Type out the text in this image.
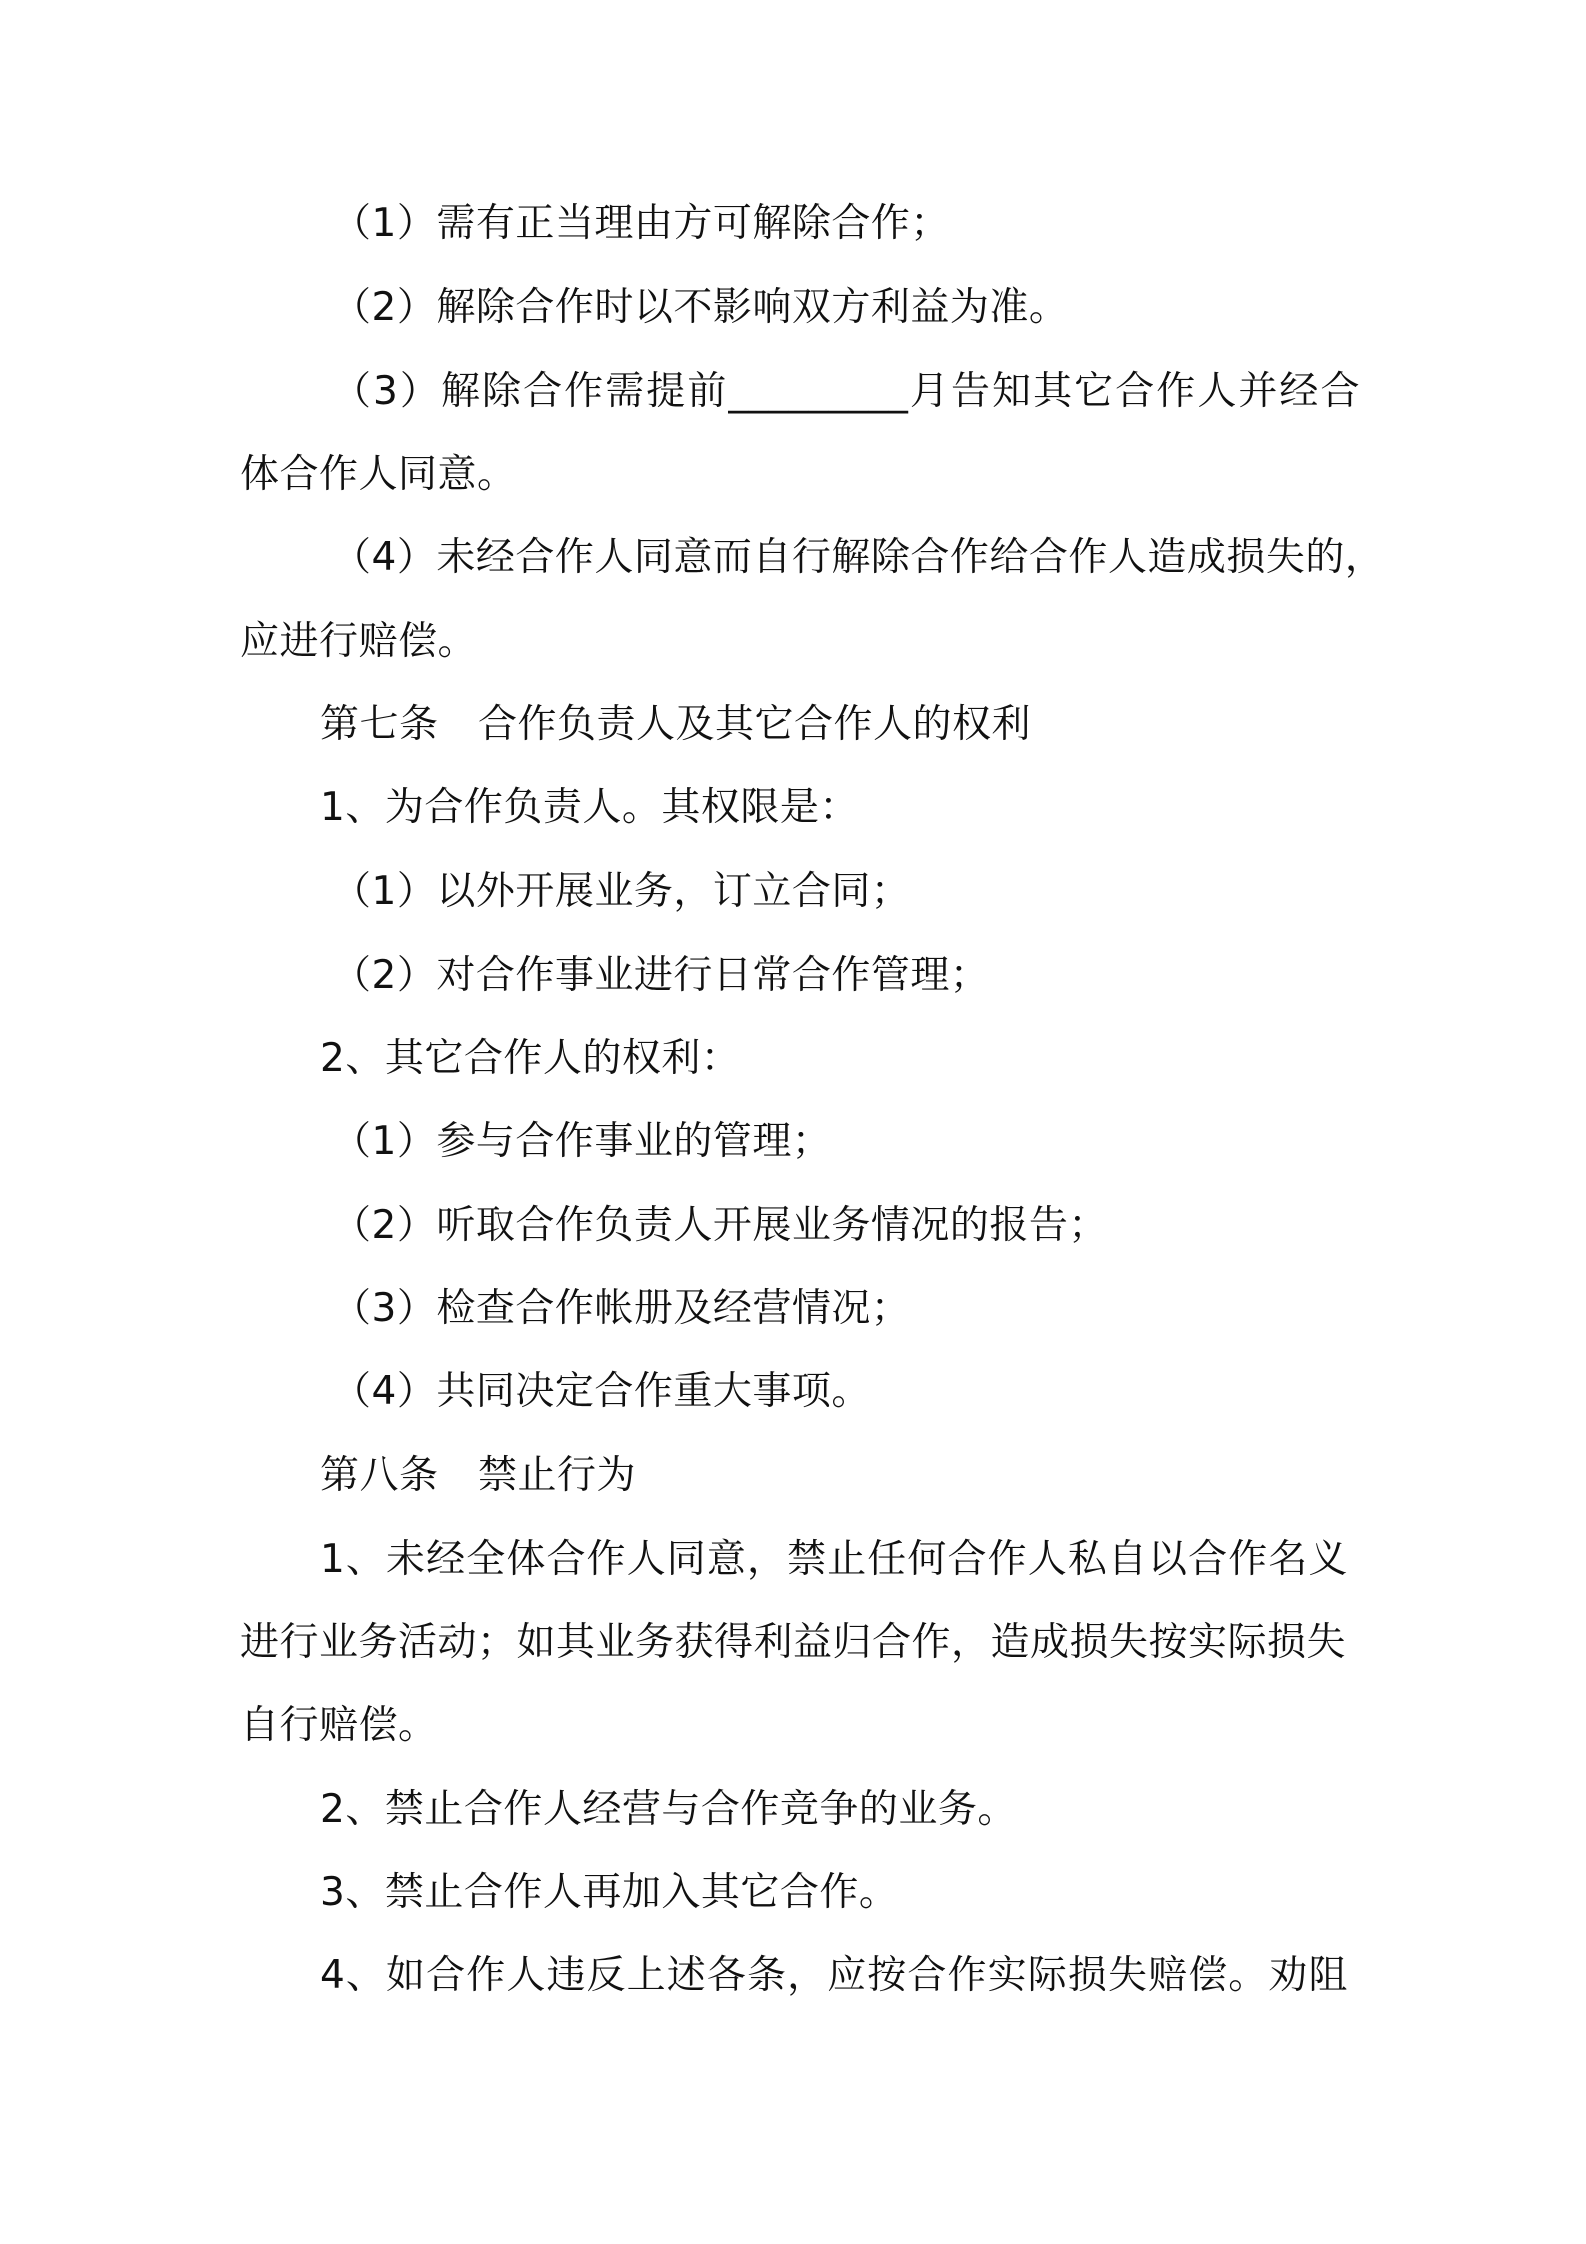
（1）需有正当理由方可解除合作；
（2）解除合作时以不影响双方利益为准。
（3）解除合作需提前_________月告知其它合作人并经合
体合作人同意。
（4）未经合作人同意而自行解除合作给合作人造成损失的，
应进行赔偿。
第七条　合作负责人及其它合作人的权利
1、为合作负责人。其权限是：
（1）以外开展业务，订立合同；
（2）对合作事业进行日常合作管理；
2、其它合作人的权利：
（1）参与合作事业的管理；
（2）听取合作负责人开展业务情况的报告；
（3）检查合作帐册及经营情况；
（4）共同决定合作重大事项。
第八条　禁止行为
1、未经全体合作人同意，禁止任何合作人私自以合作名义
进行业务活动；如其业务获得利益归合作，造成损失按实际损失
自行赔偿。
2、禁止合作人经营与合作竞争的业务。
3、禁止合作人再加入其它合作。
4、如合作人违反上述各条，应按合作实际损失赔偿。劝阻
